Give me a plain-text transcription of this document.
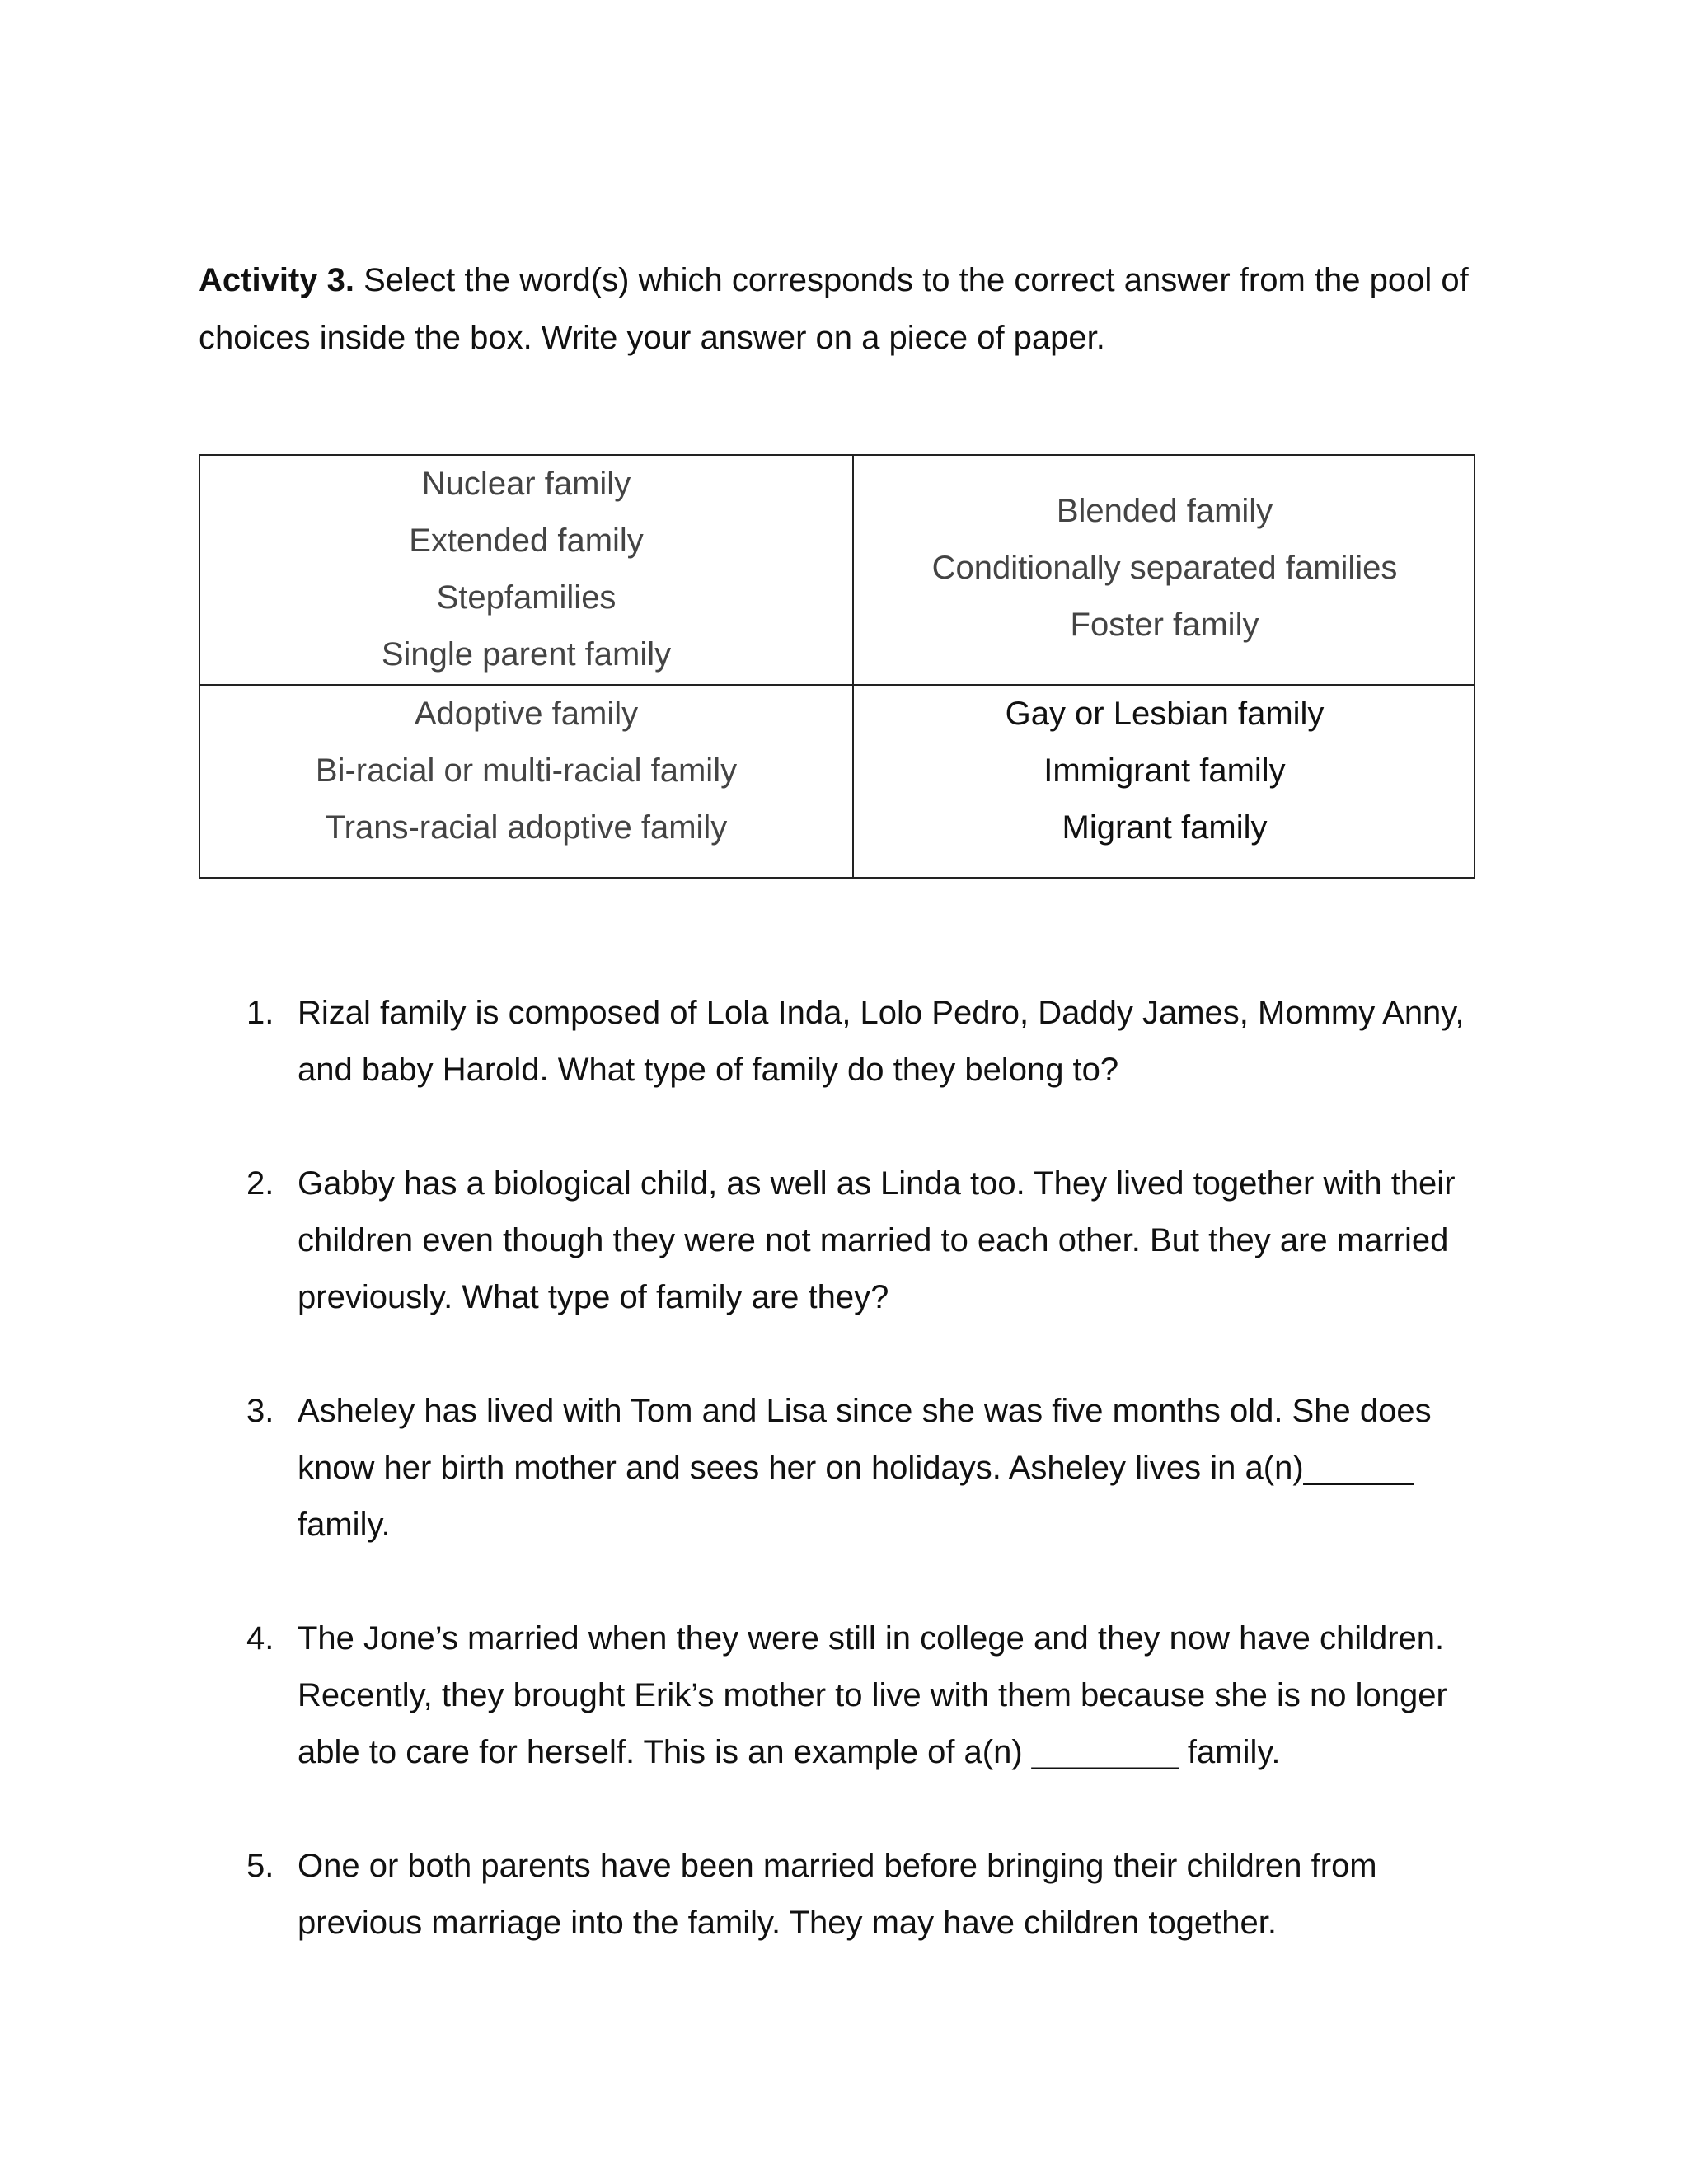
Activity 3. Select the word(s) which corresponds to the correct answer from the pool of choices inside the box. Write your answer on a piece of paper.
Nuclear family
Extended family
Stepfamilies
Single parent family
Blended family
Conditionally separated families
Foster family
Adoptive family
Bi-racial or multi-racial family
Trans-racial adoptive family
Gay or Lesbian family
Immigrant family
Migrant family
1. Rizal family is composed of Lola Inda, Lolo Pedro, Daddy James, Mommy Anny, and baby Harold. What type of family do they belong to?
2. Gabby has a biological child, as well as Linda too. They lived together with their children even though they were not married to each other. But they are married previously. What type of family are they?
3. Asheley has lived with Tom and Lisa since she was five months old. She does know her birth mother and sees her on holidays. Asheley lives in a(n)______ family.
4. The Jone’s married when they were still in college and they now have children. Recently, they brought Erik’s mother to live with them because she is no longer able to care for herself. This is an example of a(n) ________ family.
5. One or both parents have been married before bringing their children from previous marriage into the family. They may have children together.
